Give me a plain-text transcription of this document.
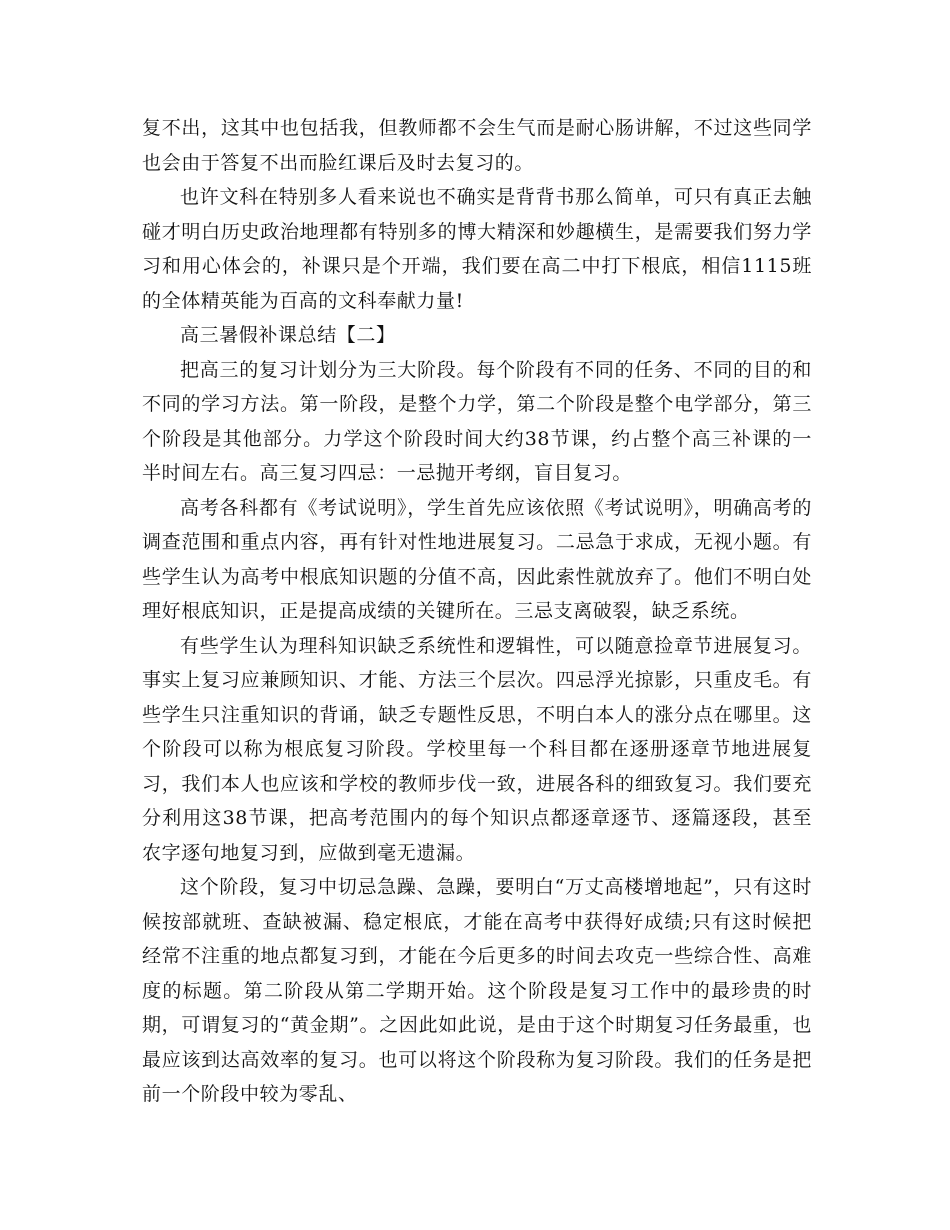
复不出，这其中也包括我，但教师都不会生气而是耐心肠讲解，不过这些同学也会由于答复不出而脸红课后及时去复习的。

也许文科在特别多人看来说也不确实是背背书那么简单，可只有真正去触碰才明白历史政治地理都有特别多的博大精深和妙趣横生，是需要我们努力学习和用心体会的，补课只是个开端，我们要在高二中打下根底，相信1115班的全体精英能为百高的文科奉献力量!

高三暑假补课总结【二】

把高三的复习计划分为三大阶段。每个阶段有不同的任务、不同的目的和不同的学习方法。第一阶段，是整个力学，第二个阶段是整个电学部分，第三个阶段是其他部分。力学这个阶段时间大约38节课，约占整个高三补课的一半时间左右。高三复习四忌：一忌抛开考纲，盲目复习。

高考各科都有《考试说明》，学生首先应该依照《考试说明》，明确高考的调查范围和重点内容，再有针对性地进展复习。二忌急于求成，无视小题。有些学生认为高考中根底知识题的分值不高，因此索性就放弃了。他们不明白处理好根底知识，正是提高成绩的关键所在。三忌支离破裂，缺乏系统。

有些学生认为理科知识缺乏系统性和逻辑性，可以随意捡章节进展复习。事实上复习应兼顾知识、才能、方法三个层次。四忌浮光掠影，只重皮毛。有些学生只注重知识的背诵，缺乏专题性反思，不明白本人的涨分点在哪里。这个阶段可以称为根底复习阶段。学校里每一个科目都在逐册逐章节地进展复习，我们本人也应该和学校的教师步伐一致，进展各科的细致复习。我们要充分利用这38节课，把高考范围内的每个知识点都逐章逐节、逐篇逐段，甚至农字逐句地复习到，应做到毫无遗漏。

这个阶段，复习中切忌急躁、急躁，要明白“万丈高楼增地起”，只有这时候按部就班、查缺被漏、稳定根底，才能在高考中获得好成绩;只有这时候把经常不注重的地点都复习到，才能在今后更多的时间去攻克一些综合性、高难度的标题。第二阶段从第二学期开始。这个阶段是复习工作中的最珍贵的时期，可谓复习的“黄金期”。之因此如此说，是由于这个时期复习任务最重，也最应该到达高效率的复习。也可以将这个阶段称为复习阶段。我们的任务是把前一个阶段中较为零乱、
